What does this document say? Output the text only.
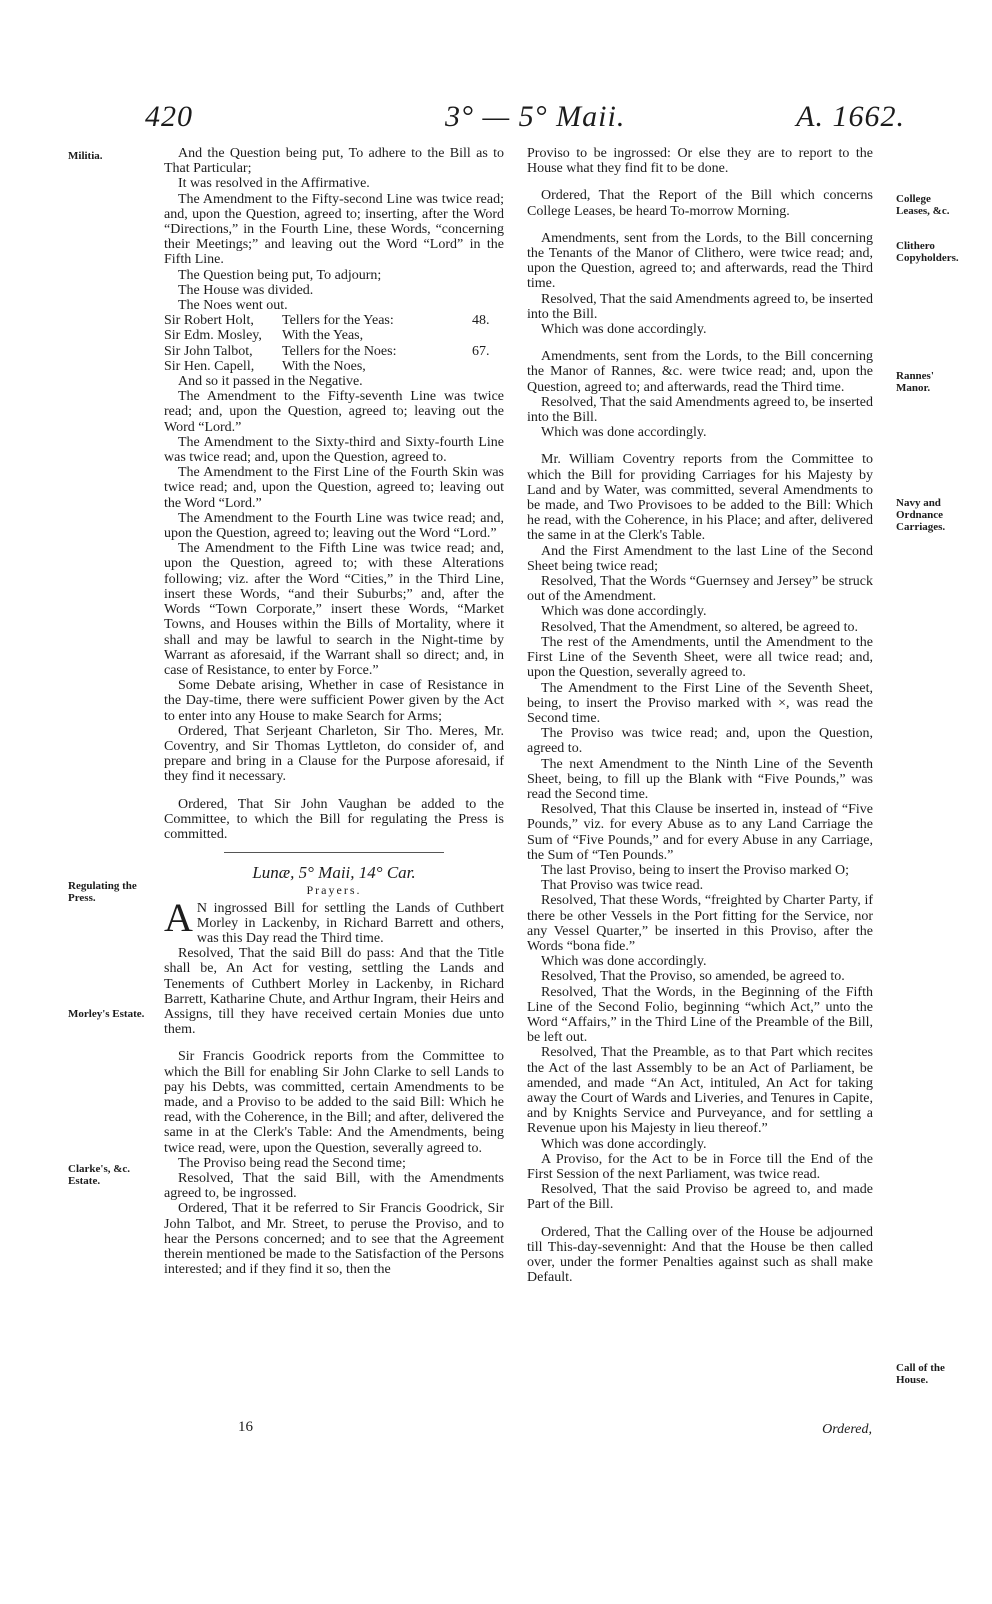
420	3° — 5° Maii.	A. 1662.
Militia.
Regulating the Press.
Morley's Estate.
Clarke's, &c. Estate.
College Leases, &c.
Clithero Copyholders.
Rannes' Manor.
Navy and Ordnance Carriages.
Call of the House.

And the Question being put, To adhere to the Bill as to That Particular;

It was resolved in the Affirmative.

The Amendment to the Fifty-second Line was twice read; and, upon the Question, agreed to; inserting, after the Word “Directions,” in the Fourth Line, these Words, “concerning their Meetings;” and leaving out the Word “Lord” in the Fifth Line.

The Question being put, To adjourn;

The House was divided.

The Noes went out.

Sir Robert Holt,	Tellers for the Yeas:	48.
Sir Edm. Mosley,	With the Yeas,
Sir John Talbot,	Tellers for the Noes:	67.
Sir Hen. Capell,	With the Noes,

And so it passed in the Negative.

The Amendment to the Fifty-seventh Line was twice read; and, upon the Question, agreed to; leaving out the Word “Lord.”

The Amendment to the Sixty-third and Sixty-fourth Line was twice read; and, upon the Question, agreed to.

The Amendment to the First Line of the Fourth Skin was twice read; and, upon the Question, agreed to; leaving out the Word “Lord.”

The Amendment to the Fourth Line was twice read; and, upon the Question, agreed to; leaving out the Word “Lord.”

The Amendment to the Fifth Line was twice read; and, upon the Question, agreed to; with these Alterations following; viz. after the Word “Cities,” in the Third Line, insert these Words, “and their Suburbs;” and, after the Words “Town Corporate,” insert these Words, “Market Towns, and Houses within the Bills of Mortality, where it shall and may be lawful to search in the Night-time by Warrant as aforesaid, if the Warrant shall so direct; and, in case of Resistance, to enter by Force.”

Some Debate arising, Whether in case of Resistance in the Day-time, there were sufficient Power given by the Act to enter into any House to make Search for Arms;

Ordered, That Serjeant Charleton, Sir Tho. Meres, Mr. Coventry, and Sir Thomas Lyttleton, do consider of, and prepare and bring in a Clause for the Purpose aforesaid, if they find it necessary.

Ordered, That Sir John Vaughan be added to the Committee, to which the Bill for regulating the Press is committed.

Lunæ, 5° Maii, 14° Car.
Prayers.

A N ingrossed Bill for settling the Lands of Cuthbert Morley in Lackenby, in Richard Barrett and others, was this Day read the Third time.

Resolved, That the said Bill do pass: And that the Title shall be, An Act for vesting, settling the Lands and Tenements of Cuthbert Morley in Lackenby, in Richard Barrett, Katharine Chute, and Arthur Ingram, their Heirs and Assigns, till they have received certain Monies due unto them.

Sir Francis Goodrick reports from the Committee to which the Bill for enabling Sir John Clarke to sell Lands to pay his Debts, was committed, certain Amendments to be made, and a Proviso to be added to the said Bill: Which he read, with the Coherence, in the Bill; and after, delivered the same in at the Clerk's Table: And the Amendments, being twice read, were, upon the Question, severally agreed to.

The Proviso being read the Second time;

Resolved, That the said Bill, with the Amendments agreed to, be ingrossed.

Ordered, That it be referred to Sir Francis Goodrick, Sir John Talbot, and Mr. Street, to peruse the Proviso, and to hear the Persons concerned; and to see that the Agreement therein mentioned be made to the Satisfaction of the Persons interested; and if they find it so, then the

Proviso to be ingrossed: Or else they are to report to the House what they find fit to be done.

Ordered, That the Report of the Bill which concerns College Leases, be heard To-morrow Morning.

Amendments, sent from the Lords, to the Bill concerning the Tenants of the Manor of Clithero, were twice read; and, upon the Question, agreed to; and afterwards, read the Third time.

Resolved, That the said Amendments agreed to, be inserted into the Bill.

Which was done accordingly.

Amendments, sent from the Lords, to the Bill concerning the Manor of Rannes, &c. were twice read; and, upon the Question, agreed to; and afterwards, read the Third time.

Resolved, That the said Amendments agreed to, be inserted into the Bill.

Which was done accordingly.

Mr. William Coventry reports from the Committee to which the Bill for providing Carriages for his Majesty by Land and by Water, was committed, several Amendments to be made, and Two Provisoes to be added to the Bill: Which he read, with the Coherence, in his Place; and after, delivered the same in at the Clerk's Table.

And the First Amendment to the last Line of the Second Sheet being twice read;

Resolved, That the Words “Guernsey and Jersey” be struck out of the Amendment.

Which was done accordingly.

Resolved, That the Amendment, so altered, be agreed to.

The rest of the Amendments, until the Amendment to the First Line of the Seventh Sheet, were all twice read; and, upon the Question, severally agreed to.

The Amendment to the First Line of the Seventh Sheet, being, to insert the Proviso marked with ×, was read the Second time.

The Proviso was twice read; and, upon the Question, agreed to.

The next Amendment to the Ninth Line of the Seventh Sheet, being, to fill up the Blank with “Five Pounds,” was read the Second time.

Resolved, That this Clause be inserted in, instead of “Five Pounds,” viz. for every Abuse as to any Land Carriage the Sum of “Five Pounds,” and for every Abuse in any Carriage, the Sum of “Ten Pounds.”

The last Proviso, being to insert the Proviso marked O;

That Proviso was twice read.

Resolved, That these Words, “freighted by Charter Party, if there be other Vessels in the Port fitting for the Service, nor any Vessel Quarter,” be inserted in this Proviso, after the Words “bona fide.”

Which was done accordingly.

Resolved, That the Proviso, so amended, be agreed to.

Resolved, That the Words, in the Beginning of the Fifth Line of the Second Folio, beginning “which Act,” unto the Word “Affairs,” in the Third Line of the Preamble of the Bill, be left out.

Resolved, That the Preamble, as to that Part which recites the Act of the last Assembly to be an Act of Parliament, be amended, and made “An Act, intituled, An Act for taking away the Court of Wards and Liveries, and Tenures in Capite, and by Knights Service and Purveyance, and for settling a Revenue upon his Majesty in lieu thereof.”

Which was done accordingly.

A Proviso, for the Act to be in Force till the End of the First Session of the next Parliament, was twice read.

Resolved, That the said Proviso be agreed to, and made Part of the Bill.

Ordered, That the Calling over of the House be adjourned till This-day-sevennight: And that the House be then called over, under the former Penalties against such as shall make Default.

16	Ordered,
